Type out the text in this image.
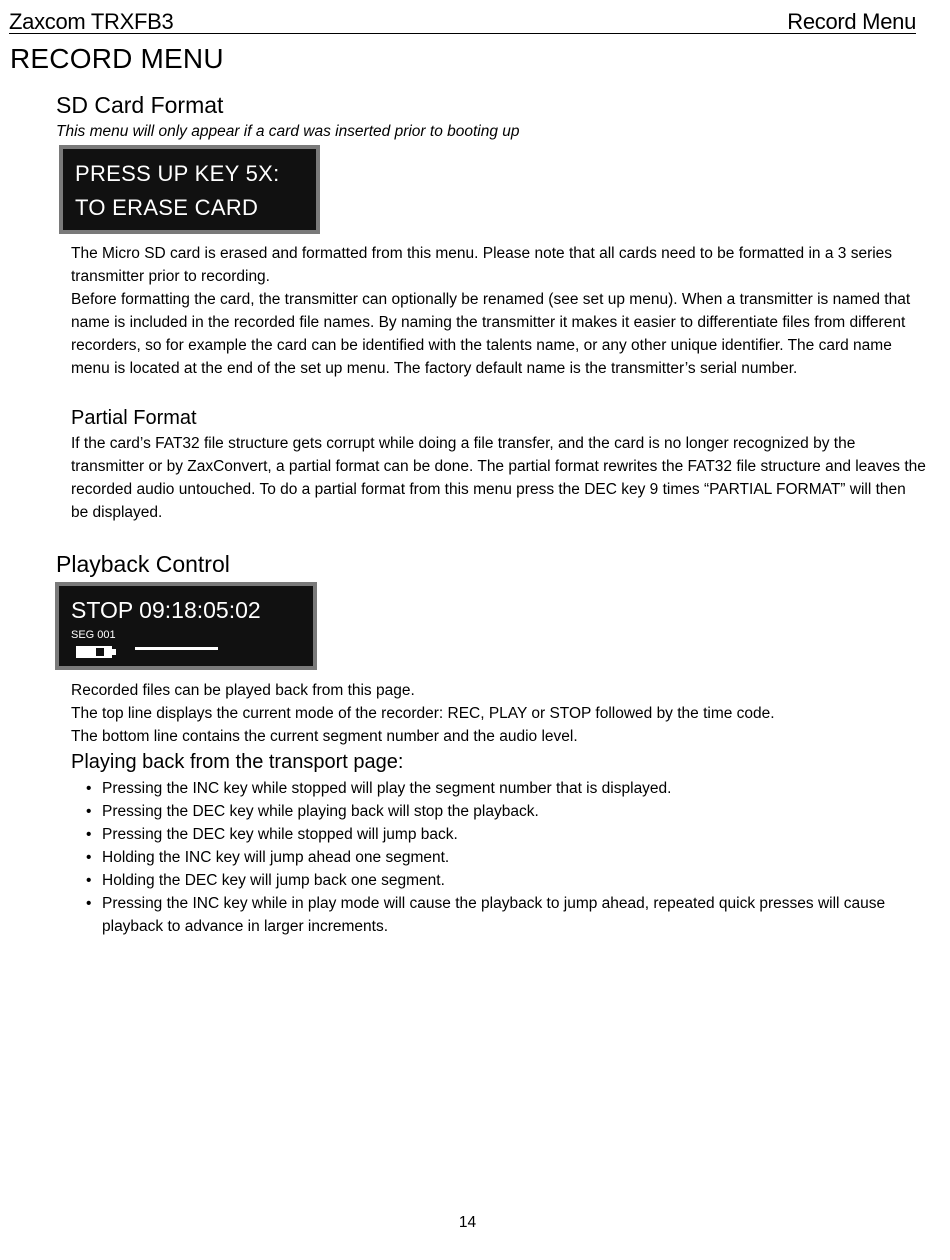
Zaxcom TRXFB3	Record Menu
RECORD MENU
SD Card Format
This menu will only appear if a card was inserted prior to booting up
PRESS UP KEY 5X:
TO ERASE CARD

The Micro SD card is erased and formatted from this menu. Please note that all cards need to be formatted in a 3 series transmitter prior to recording.

Before formatting the card, the transmitter can optionally be renamed (see set up menu). When a transmitter is named that name is included in the recorded file names. By naming the transmitter it makes it easier to differentiate files from different recorders, so for example the card can be identified with the talents name, or any other unique identifier. The card name menu is located at the end of the set up menu. The factory default name is the transmitter’s serial number.

Partial Format

If the card’s FAT32 file structure gets corrupt while doing a file transfer, and the card is no longer recognized by the transmitter or by ZaxConvert, a partial format can be done. The partial format rewrites the FAT32 file structure and leaves the recorded audio untouched. To do a partial format from this menu press the DEC key 9 times “PARTIAL FORMAT” will then be displayed.

Playback Control
STOP 09:18:05:02
SEG 001

Recorded files can be played back from this page.

The top line displays the current mode of the recorder: REC, PLAY or STOP followed by the time code.

The bottom line contains the current segment number and the audio level.

Playing back from the transport page:
• Pressing the INC key while stopped will play the segment number that is displayed.
• Pressing the DEC key while playing back will stop the playback.
• Pressing the DEC key while stopped will jump back.
• Holding the INC key will jump ahead one segment.
• Holding the DEC key will jump back one segment.
• Pressing the INC key while in play mode will cause the playback to jump ahead, repeated quick presses will cause playback to advance in larger increments.
14
